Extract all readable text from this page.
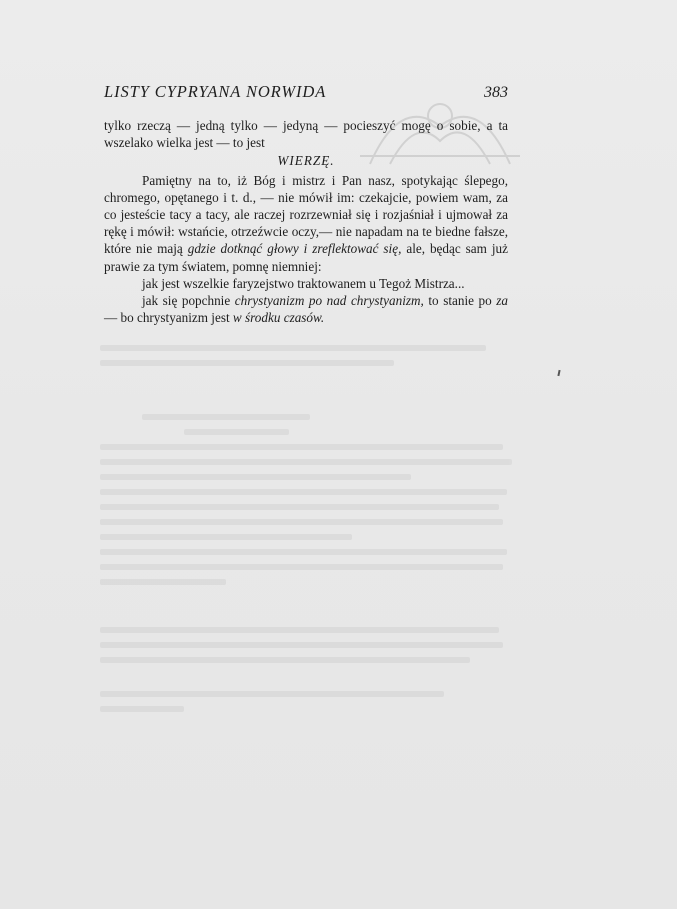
LISTY CYPRYANA NORWIDA	383

tylko rzeczą — jedną tylko — jedyną — pocieszyć mogę o sobie, a ta wszelako wielka jest — to jest

WIERZĘ.

Pamiętny na to, iż Bóg i mistrz i Pan nasz, spotykając ślepego, chromego, opętanego i t. d., — nie mówił im: czekajcie, powiem wam, za co jesteście tacy a tacy, ale raczej rozrzewniał się i rozjaśniał i ujmował za rękę i mówił: wstańcie, otrzeźwcie oczy,— nie napadam na te biedne fałsze, które nie mają gdzie dotknąć głowy i zreflektować się, ale, będąc sam już prawie za tym światem, pomnę niemniej:

jak jest wszelkie faryzejstwo traktowanem u Tegoż Mistrza...

jak się popchnie chrystyanizm po nad chrystyanizm, to stanie po za — bo chrystyanizm jest w środku czasów.
